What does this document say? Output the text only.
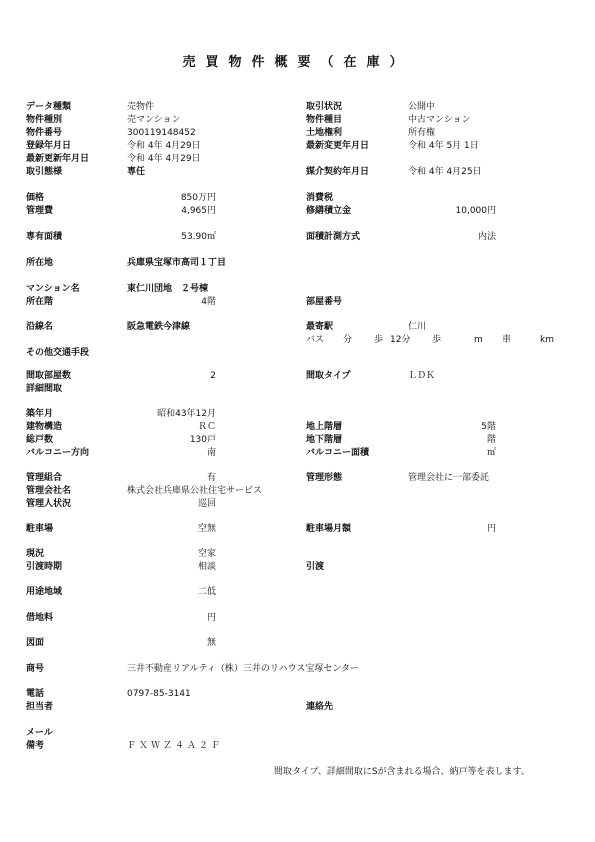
売買物件概要（在庫）
データ種類	売物件	取引状況	公開中
物件種別	売マンション	物件種目	中古マンション
物件番号	300119148452	土地権利	所有権
登録年月日	令和 4年 4月29日	最新変更年月日	令和 4年 5月 1日
最新更新年月日	令和 4年 4月29日
取引態様	専任	媒介契約年月日	令和 4年 4月25日
価格	850万円	消費税
管理費	4,965円	修繕積立金	10,000円
専有面積	53.90㎡	面積計測方式	内法
所在地	兵庫県宝塚市高司１丁目
マンション名	東仁川団地　２号棟
所在階	4階	部屋番号
沿線名	阪急電鉄今津線	最寄駅	仁川
バス 分 歩 12分 歩	m 車	km
その他交通手段
間取部屋数	2	間取タイプ	ＬＤＫ
詳細間取
築年月	昭和43年12月
建物構造	ＲＣ	地上階層	5階
総戸数	130戸	地下階層	階
バルコニー方向	南	バルコニー面積	㎡
管理組合	有	管理形態	管理会社に一部委託
管理会社名	株式会社兵庫県公社住宅サービス
管理人状況	巡回
駐車場	空無	駐車場月額	円
現況	空家
引渡時期	相談	引渡
用途地域	二低
借地料	円
図面	無
商号	三井不動産リアルティ（株）三井のリハウス宝塚センター
電話	0797-85-3141
担当者	連絡先
メール
備考	ＦＸＷＺ４Ａ２Ｆ
間取タイプ、詳細間取にSが含まれる場合、納戸等を表します。
